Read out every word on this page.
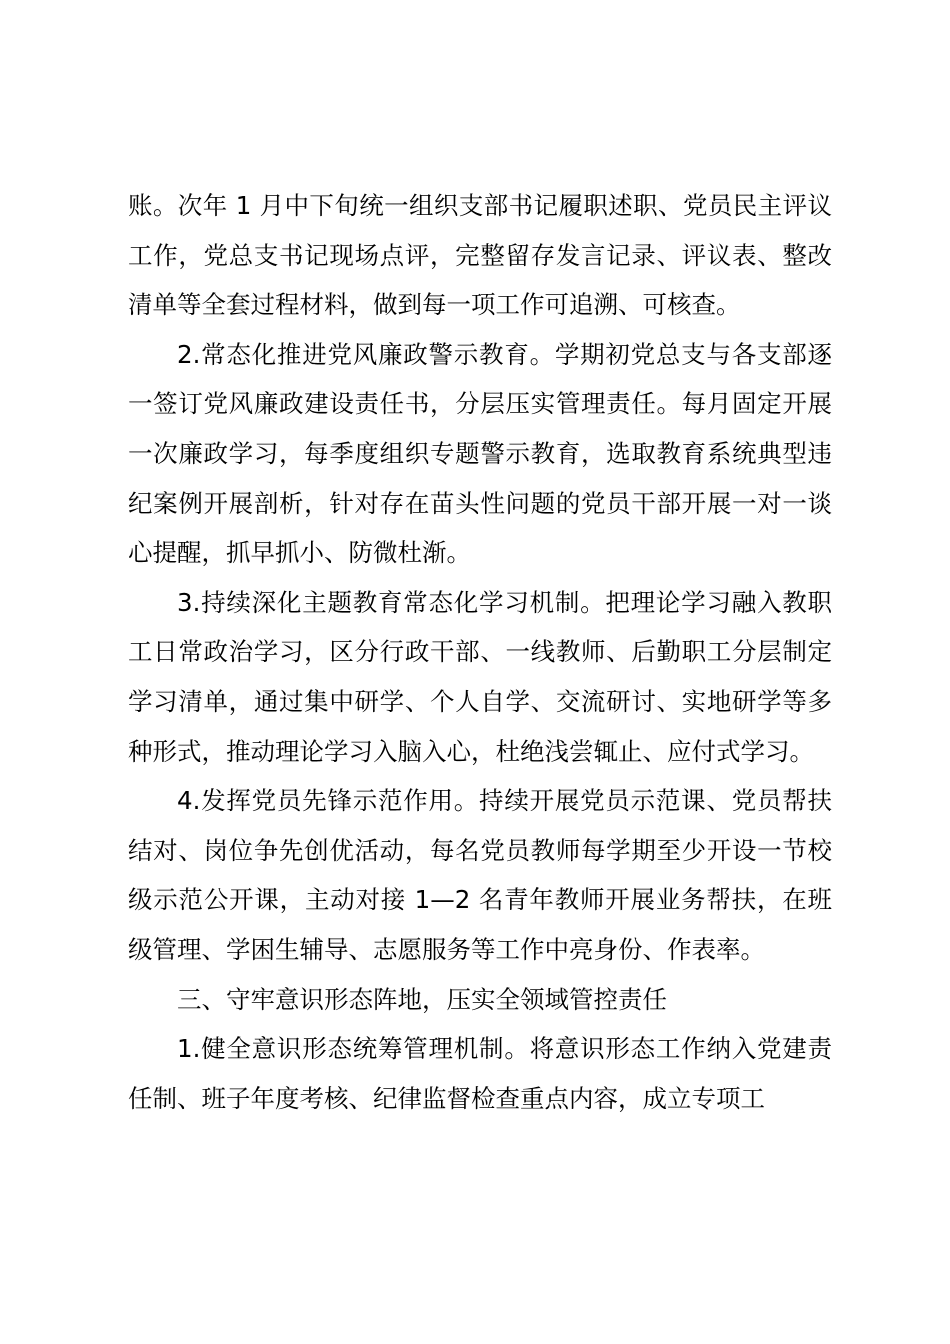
账。次年 1 月中下旬统一组织支部书记履职述职、党员民主评议工作，党总支书记现场点评，完整留存发言记录、评议表、整改清单等全套过程材料，做到每一项工作可追溯、可核查。

2.常态化推进党风廉政警示教育。学期初党总支与各支部逐一签订党风廉政建设责任书，分层压实管理责任。每月固定开展一次廉政学习，每季度组织专题警示教育，选取教育系统典型违纪案例开展剖析，针对存在苗头性问题的党员干部开展一对一谈心提醒，抓早抓小、防微杜渐。

3.持续深化主题教育常态化学习机制。把理论学习融入教职工日常政治学习，区分行政干部、一线教师、后勤职工分层制定学习清单，通过集中研学、个人自学、交流研讨、实地研学等多种形式，推动理论学习入脑入心，杜绝浅尝辄止、应付式学习。

4.发挥党员先锋示范作用。持续开展党员示范课、党员帮扶结对、岗位争先创优活动，每名党员教师每学期至少开设一节校级示范公开课，主动对接 1—2 名青年教师开展业务帮扶，在班级管理、学困生辅导、志愿服务等工作中亮身份、作表率。

三、守牢意识形态阵地，压实全领域管控责任

1.健全意识形态统筹管理机制。将意识形态工作纳入党建责任制、班子年度考核、纪律监督检查重点内容，成立专项工
